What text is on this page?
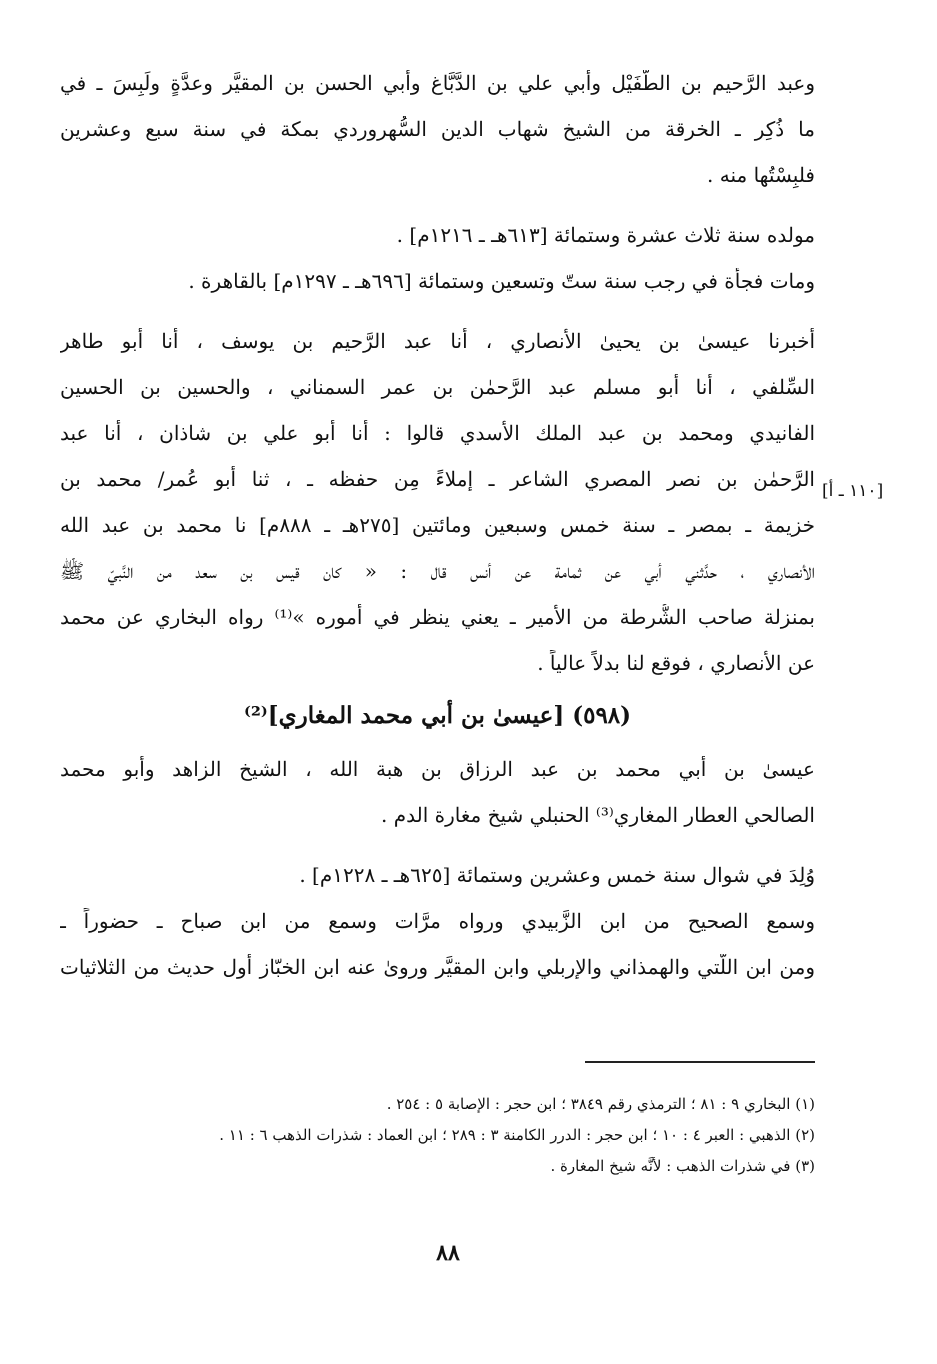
وعبد الرَّحيم بن الطُّفَيْل وأبي علي بن الدَّبَّاغ وأبي الحسن بن المقيَّر وعدَّةٍ ولَبِسَ ـ في
ما ذُكِر ـ الخرقة من الشيخ شهاب الدين السُّهروردي بمكة في سنة سبع وعشرين
فلبِسْتُها منه .
مولده سنة ثلاث عشرة وستمائة [٦١٣هـ ـ ١٢١٦م] .
ومات فجأة في رجب سنة ستّ وتسعين وستمائة [٦٩٦هـ ـ ١٢٩٧م] بالقاهرة .
أخبرنا عيسىٰ بن يحيىٰ الأنصاري ، أنا عبد الرَّحيم بن يوسف ، أنا أبو طاهر
السِّلفي ، أنا أبو مسلم عبد الرَّحمٰن بن عمر السمناني ، والحسين بن الحسين
الفانيدي ومحمد بن عبد الملك الأسدي قالوا : أنا أبو علي بن شاذان ، أنا عبد
الرَّحمٰن بن نصر المصري الشاعر ـ إملاءً مِن حفظه ـ ، ثنا أبو عُمر/ محمد بن
خزيمة ـ بمصر ـ سنة خمس وسبعين ومائتين [٢٧٥هـ ـ ٨٨٨م] نا محمد بن عبد الله
الأنصاري ، حدَّثني أبي عن ثمامة عن أنس قال : « كان قيس بن سعد من النَّبيّ ﷺ
بمنزلة صاحب الشُّرطة من الأمير ـ يعني ينظر في أموره »⁽¹⁾ رواه البخاري عن محمد
عن الأنصاري ، فوقع لنا بدلاً عالياً .
(٥٩٨) [عيسىٰ بن أبي محمد المغاري]⁽²⁾
عيسىٰ بن أبي محمد بن عبد الرزاق بن هبة الله ، الشيخ الزاهد وأبو محمد
الصالحي العطار المغاري⁽³⁾ الحنبلي شيخ مغارة الدم .
وُلِدَ في شوال سنة خمس وعشرين وستمائة [٦٢٥هـ ـ ١٢٢٨م] .
وسمع الصحيح من ابن الزَّبيدي ورواه مرَّات وسمع من ابن صباح ـ حضوراً ـ
ومن ابن اللَّتي والهمذاني والإربلي وابن المقيَّر وروىٰ عنه ابن الخبّاز أول حديث من الثلاثيات
[١١٠ ـ أ]
(١) البخاري ٩ : ٨١ ؛ الترمذي رقم ٣٨٤٩ ؛ ابن حجر : الإصابة ٥ : ٢٥٤ .
(٢) الذهبي : العبر ٤ : ١٠ ؛ ابن حجر : الدرر الكامنة ٣ : ٢٨٩ ؛ ابن العماد : شذرات الذهب ٦ : ١١ .
(٣) في شذرات الذهب : لأنَّه شيخ المغارة .
٨٨
